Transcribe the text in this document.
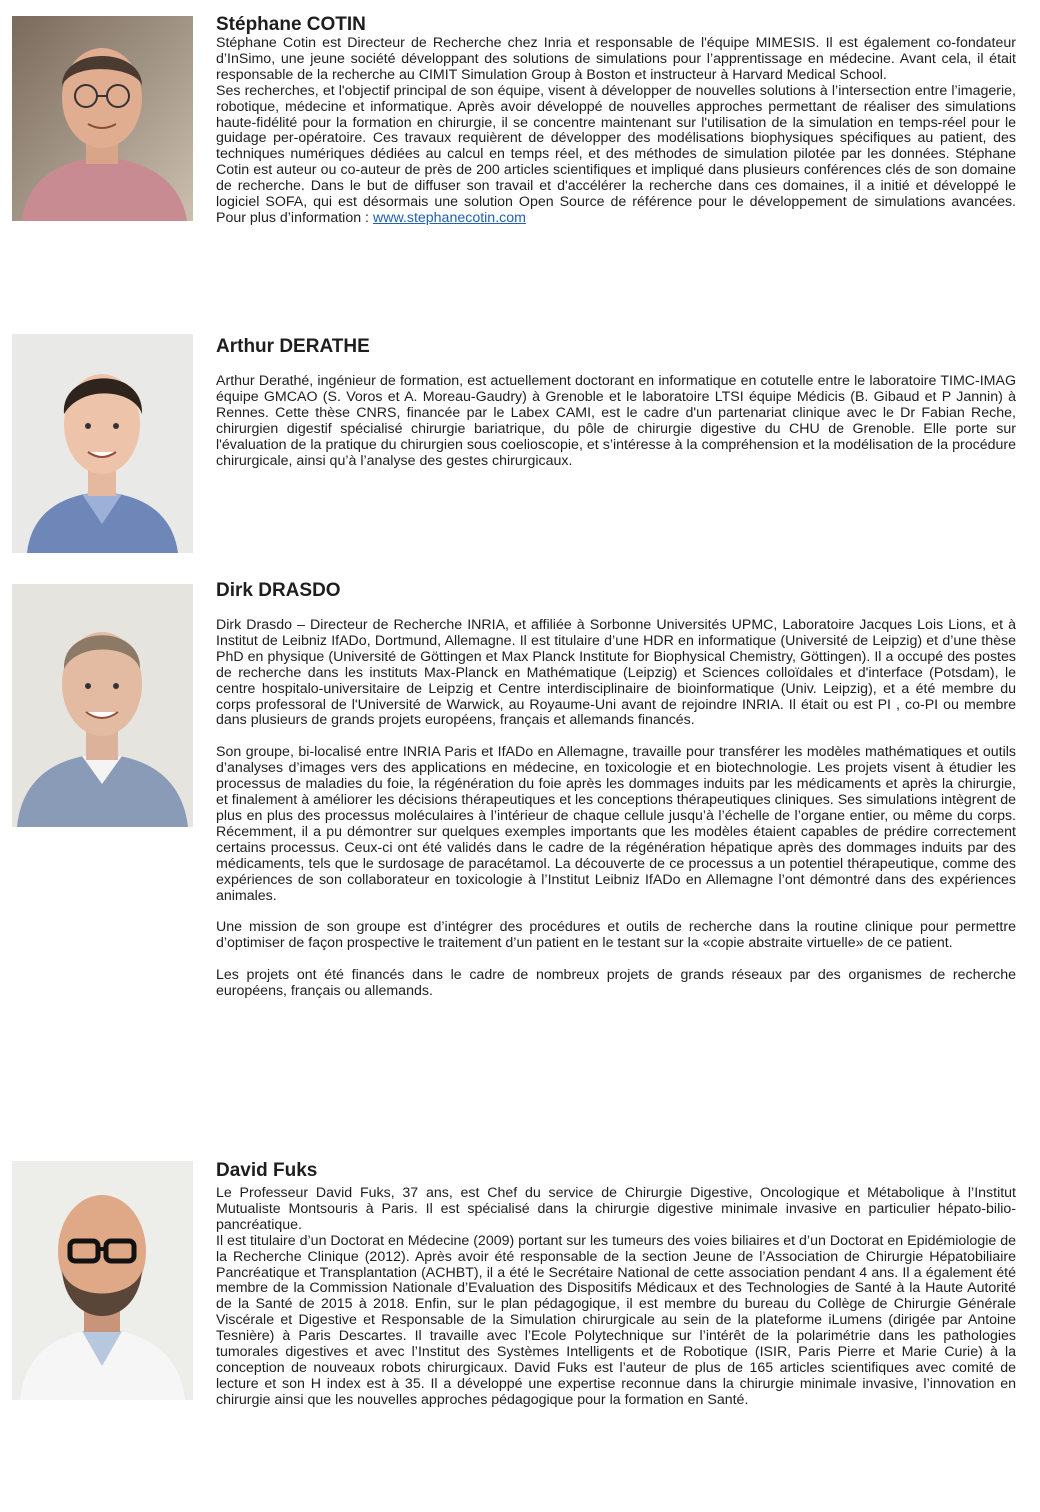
Stéphane COTIN

Stéphane Cotin est Directeur de Recherche chez Inria et responsable de l'équipe MIMESIS. Il est également co-fondateur d’InSimo, une jeune société développant des solutions de simulations pour l’apprentissage en médecine. Avant cela, il était responsable de la recherche au CIMIT Simulation Group à Boston et instructeur à Harvard Medical School.

Ses recherches, et l'objectif principal de son équipe, visent à développer de nouvelles solutions à l’intersection entre l’imagerie, robotique, médecine et informatique. Après avoir développé de nouvelles approches permettant de réaliser des simulations haute-fidélité pour la formation en chirurgie, il se concentre maintenant sur l'utilisation de la simulation en temps-réel pour le guidage per-opératoire. Ces travaux requièrent de développer des modélisations biophysiques spécifiques au patient, des techniques numériques dédiées au calcul en temps réel, et des méthodes de simulation pilotée par les données. Stéphane Cotin est auteur ou co-auteur de près de 200 articles scientifiques et impliqué dans plusieurs conférences clés de son domaine de recherche. Dans le but de diffuser son travail et d'accélérer la recherche dans ces domaines, il a initié et développé le logiciel SOFA, qui est désormais une solution Open Source de référence pour le développement de simulations avancées. Pour plus d’information : www.stephanecotin.com

Arthur DERATHE

Arthur Derathé, ingénieur de formation, est actuellement doctorant en informatique en cotutelle entre le laboratoire TIMC-IMAG équipe GMCAO (S. Voros et A. Moreau-Gaudry) à Grenoble et le laboratoire LTSI équipe Médicis (B. Gibaud et P Jannin) à Rennes. Cette thèse CNRS, financée par le Labex CAMI, est le cadre d'un partenariat clinique avec le Dr Fabian Reche, chirurgien digestif spécialisé chirurgie bariatrique, du pôle de chirurgie digestive du CHU de Grenoble. Elle porte sur l'évaluation de la pratique du chirurgien sous coelioscopie, et s’intéresse à la compréhension et la modélisation de la procédure chirurgicale, ainsi qu’à l’analyse des gestes chirurgicaux.

Dirk DRASDO

Dirk Drasdo – Directeur de Recherche INRIA, et affiliée à Sorbonne Universités UPMC, Laboratoire Jacques Lois Lions, et à Institut de Leibniz IfADo, Dortmund, Allemagne. Il est titulaire d’une HDR en informatique (Université de Leipzig) et d’une thèse PhD en physique (Université de Göttingen et Max Planck Institute for Biophysical Chemistry, Göttingen). Il a occupé des postes de recherche dans les instituts Max-Planck en Mathématique (Leipzig) et Sciences colloïdales et d'interface (Potsdam), le centre hospitalo-universitaire de Leipzig et Centre interdisciplinaire de bioinformatique (Univ. Leipzig), et a été membre du corps professoral de l'Université de Warwick, au Royaume-Uni avant de rejoindre INRIA. Il était ou est PI , co-PI ou membre dans plusieurs de grands projets européens, français et allemands financés.

Son groupe, bi-localisé entre INRIA Paris et IfADo en Allemagne, travaille pour transférer les modèles mathématiques et outils d’analyses d’images vers des applications en médecine, en toxicologie et en biotechnologie. Les projets visent à étudier les processus de maladies du foie, la régénération du foie après les dommages induits par les médicaments et après la chirurgie, et finalement à améliorer les décisions thérapeutiques et les conceptions thérapeutiques cliniques. Ses simulations intègrent de plus en plus des processus moléculaires à l’intérieur de chaque cellule jusqu’à l’échelle de l’organe entier, ou même du corps. Récemment, il a pu démontrer sur quelques exemples importants que les modèles étaient capables de prédire correctement certains processus. Ceux-ci ont été validés dans le cadre de la régénération hépatique après des dommages induits par des médicaments, tels que le surdosage de paracétamol. La découverte de ce processus a un potentiel thérapeutique, comme des expériences de son collaborateur en toxicologie à l’Institut Leibniz IfADo en Allemagne l’ont démontré dans des expériences animales.

Une mission de son groupe est d’intégrer des procédures et outils de recherche dans la routine clinique pour permettre d’optimiser de façon prospective le traitement d’un patient en le testant sur la «copie abstraite virtuelle» de ce patient.

Les projets ont été financés dans le cadre de nombreux projets de grands réseaux par des organismes de recherche européens, français ou allemands.

David Fuks

Le Professeur David Fuks, 37 ans, est Chef du service de Chirurgie Digestive, Oncologique et Métabolique à l’Institut Mutualiste Montsouris à Paris. Il est spécialisé dans la chirurgie digestive minimale invasive en particulier hépato-bilio-pancréatique.

Il est titulaire d’un Doctorat en Médecine (2009) portant sur les tumeurs des voies biliaires et d’un Doctorat en Epidémiologie de la Recherche Clinique (2012). Après avoir été responsable de la section Jeune de l’Association de Chirurgie Hépatobiliaire Pancréatique et Transplantation (ACHBT), il a été le Secrétaire National de cette association pendant 4 ans. Il a également été membre de la Commission Nationale d’Evaluation des Dispositifs Médicaux et des Technologies de Santé à la Haute Autorité de la Santé de 2015 à 2018. Enfin, sur le plan pédagogique, il est membre du bureau du Collège de Chirurgie Générale Viscérale et Digestive et Responsable de la Simulation chirurgicale au sein de la plateforme iLumens (dirigée par Antoine Tesnière) à Paris Descartes. Il travaille avec l’Ecole Polytechnique sur l’intérêt de la polarimétrie dans les pathologies tumorales digestives et avec l’Institut des Systèmes Intelligents et de Robotique (ISIR, Paris Pierre et Marie Curie) à la conception de nouveaux robots chirurgicaux. David Fuks est l’auteur de plus de 165 articles scientifiques avec comité de lecture et son H index est à 35. Il a développé une expertise reconnue dans la chirurgie minimale invasive, l’innovation en chirurgie ainsi que les nouvelles approches pédagogique pour la formation en Santé.
